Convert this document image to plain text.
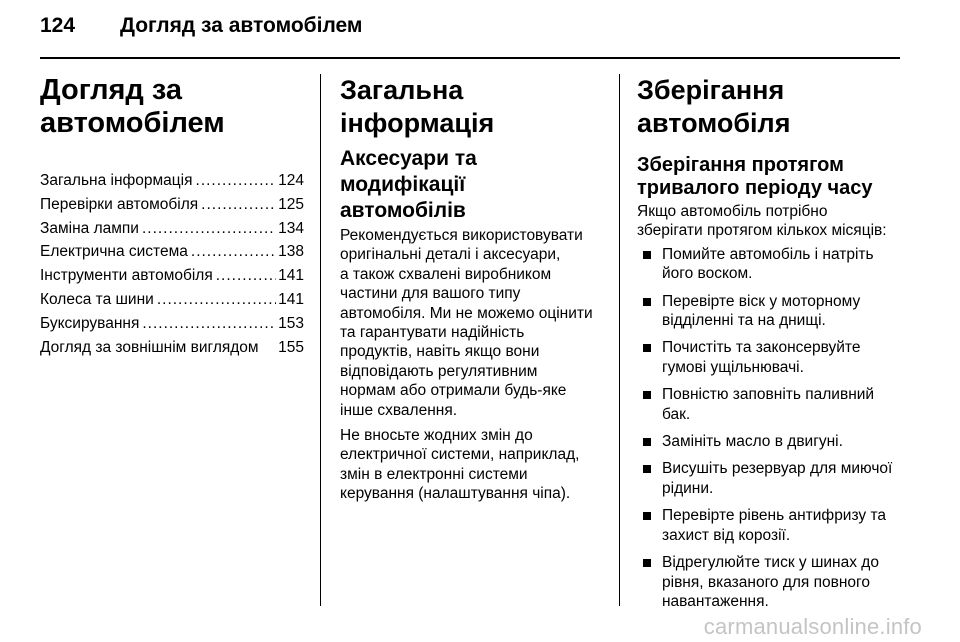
124 Догляд за автомобілем
Догляд за
автомобілем
Загальна інформація .....	124
Перевірки автомобіля .....	125
Заміна лампи .....	134
Електрична система .....	138
Інструменти автомобіля .....	141
Колеса та шини .....	141
Буксирування .....	153
Догляд за зовнішнім виглядом 155
Загальна інформація
Аксесуари та модифікації
автомобілів

Рекомендується використовувати
оригінальні деталі і аксесуари,
а також схвалені виробником
частини для вашого типу
автомобіля. Ми не можемо оцінити
та гарантувати надійність
продуктів, навіть якщо вони
відповідають регулятивним
нормам або отримали будь-яке
інше схвалення.

Не вносьте жодних змін до
електричної системи, наприклад,
змін в електронні системи
керування (налаштування чіпа).

Зберігання автомобіля
Зберігання протягом
тривалого періоду часу

Якщо автомобіль потрібно
зберігати протягом кількох місяців:

Помийте автомобіль і натріть
його воском.
Перевірте віск у моторному
відділенні та на днищі.
Почистіть та законсервуйте
гумові ущільнювачі.
Повністю заповніть паливний
бак.
Замініть масло в двигуні.
Висушіть резервуар для миючої
рідини.
Перевірте рівень антифризу та
захист від корозії.
Відрегулюйте тиск у шинах до
рівня, вказаного для повного
навантаження.
carmanualsonline.info
